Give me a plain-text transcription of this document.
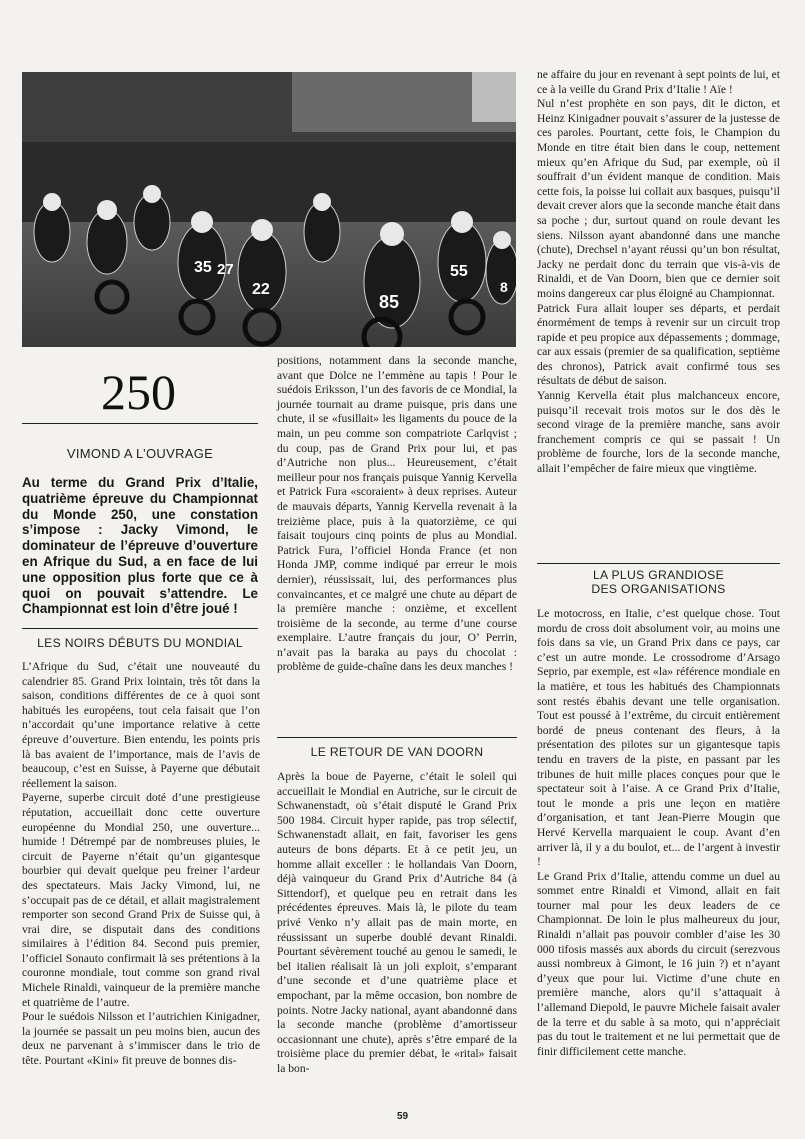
35 27
22
85
55
8
250
VIMOND A L’OUVRAGE
Au terme du Grand Prix d’Italie, quatrième épreuve du Championnat du Monde 250, une constation s’impose : Jacky Vimond, le dominateur de l’épreuve d’ouverture en Afrique du Sud, a en face de lui une opposition plus forte que ce à quoi on pouvait s’attendre. Le Championnat est loin d’être joué !
LES NOIRS DÉBUTS DU MONDIAL

L’Afrique du Sud, c’était une nouveauté du calendrier 85. Grand Prix lointain, très tôt dans la saison, conditions différentes de ce à quoi sont habitués les européens, tout cela faisait que l’on n’accordait qu’une importance relative à cette épreuve d’ouverture. Bien entendu, les points pris là bas avaient de l’importance, mais de l’avis de beaucoup, c’est en Suisse, à Payerne que débutait réellement la saison.

Payerne, superbe circuit doté d’une prestigieuse réputation, accueillait donc cette ouverture européenne du Mondial 250, une ouverture... humide ! Détrempé par de nombreuses pluies, le circuit de Payerne n’était qu’un gigantesque bourbier qui devait quelque peu freiner l’ardeur des spectateurs. Mais Jacky Vimond, lui, ne s’occupait pas de ce détail, et allait magistralement remporter son second Grand Prix de Suisse qui, à vrai dire, se disputait dans des conditions similaires à l’édition 84. Second puis premier, l’officiel Sonauto confirmait là ses prétentions à la couronne mondiale, tout comme son grand rival Michele Rinaldi, vainqueur de la première manche et quatrième de l’autre.

Pour le suédois Nilsson et l’autrichien Kinigadner, la journée se passait un peu moins bien, aucun des deux ne parvenant à s’immiscer dans le trio de tête. Pourtant «Kini» fit preuve de bonnes dis-

positions, notamment dans la seconde manche, avant que Dolce ne l’emmène au tapis ! Pour le suédois Eriksson, l’un des favoris de ce Mondial, la journée tournait au drame puisque, pris dans une chute, il se «fusillait» les ligaments du pouce de la main, un peu comme son compatriote Carlqvist ; du coup, pas de Grand Prix pour lui, et pas d’Autriche non plus... Heureusement, c’était meilleur pour nos français puisque Yannig Kervella et Patrick Fura «scoraient» à deux reprises. Auteur de mauvais départs, Yannig Kervella revenait à la treizième place, puis à la quatorzième, ce qui faisait toujours cinq points de plus au Mondial. Patrick Fura, l’officiel Honda France (et non Honda JMP, comme indiqué par erreur le mois dernier), réussissait, lui, des performances plus convaincantes, et ce malgré une chute au départ de la première manche : onzième, et excellent troisième de la seconde, au terme d’une course exemplaire. L’autre français du jour, O’ Perrin, n’avait pas la baraka au pays du chocolat : problème de guide-chaîne dans les deux manches !

LE RETOUR DE VAN DOORN

Après la boue de Payerne, c’était le soleil qui accueillait le Mondial en Autriche, sur le circuit de Schwanenstadt, où s’était disputé le Grand Prix 500 1984. Circuit hyper rapide, pas trop sélectif, Schwanenstadt allait, en fait, favoriser les gens auteurs de bons départs. Et à ce petit jeu, un homme allait exceller : le hollandais Van Doorn, déjà vainqueur du Grand Prix d’Autriche 84 (à Sittendorf), et quelque peu en retrait dans les précédentes épreuves. Mais là, le pilote du team privé Venko n’y allait pas de main morte, en réussissant un superbe doublé devant Rinaldi. Pourtant sévèrement touché au genou le samedi, le bel italien réalisait là un joli exploit, s’emparant d’une seconde et d’une quatrième place et empochant, par la même occasion, bon nombre de points. Notre Jacky national, ayant abandonné dans la seconde manche (problème d’amortisseur occasionnant une chute), après s’être emparé de la troisième place du premier débat, le «rital» faisait la bon-

ne affaire du jour en revenant à sept points de lui, et ce à la veille du Grand Prix d’Italie ! Aïe !

Nul n’est prophète en son pays, dit le dicton, et Heinz Kinigadner pouvait s’assurer de la justesse de ces paroles. Pourtant, cette fois, le Champion du Monde en titre était bien dans le coup, nettement mieux qu’en Afrique du Sud, par exemple, où il souffrait d’un évident manque de condition. Mais cette fois, la poisse lui collait aux basques, puisqu’il devait crever alors que la seconde manche était dans sa poche ; dur, surtout quand on roule devant les siens. Nilsson ayant abandonné dans une manche (chute), Drechsel n’ayant réussi qu’un bon résultat, Jacky ne perdait donc du terrain que vis-à-vis de Rinaldi, et de Van Doorn, bien que ce dernier soit moins dangereux car plus éloigné au Championnat.

Patrick Fura allait louper ses départs, et perdait énormément de temps à revenir sur un circuit trop rapide et peu propice aux dépassements ; dommage, car aux essais (premier de sa qualification, septième des chronos), Patrick avait confirmé tous ses résultats de début de saison.

Yannig Kervella était plus malchanceux encore, puisqu’il recevait trois motos sur le dos dès le second virage de la première manche, sans avoir franchement compris ce qui se passait ! Un problème de fourche, lors de la seconde manche, allait l’empêcher de faire mieux que vingtième.

LA PLUS GRANDIOSE
DES ORGANISATIONS

Le motocross, en Italie, c’est quelque chose. Tout mordu de cross doit absolument voir, au moins une fois dans sa vie, un Grand Prix dans ce pays, car c’est un autre monde. Le crossodrome d’Arsago Seprio, par exemple, est «la» référence mondiale en la matière, et tous les habitués des Championnats sont restés ébahis devant une telle organisation. Tout est poussé à l’extrême, du circuit entièrement bordé de pneus contenant des fleurs, à la présentation des pilotes sur un gigantesque tapis tendu en travers de la piste, en passant par les tribunes de huit mille places conçues pour que le spectateur soit à l’aise. A ce Grand Prix d’Italie, tout le monde a pris une leçon en matière d’organisation, et tant Jean-Pierre Mougin que Hervé Kervella marquaient le coup. Avant d’en arriver là, il y a du boulot, et... de l’argent à investir !

Le Grand Prix d’Italie, attendu comme un duel au sommet entre Rinaldi et Vimond, allait en fait tourner mal pour les deux leaders de ce Championnat. De loin le plus malheureux du jour, Rinaldi n’allait pas pouvoir combler d’aise les 30 000 tifosis massés aux abords du circuit (serezvous aussi nombreux à Gimont, le 16 juin ?) et n’ayant d’yeux que pour lui. Victime d’une chute en première manche, alors qu’il s’attaquait à l’allemand Diepold, le pauvre Michele faisait avaler de la terre et du sable à sa moto, qui n’appréciait pas du tout le traitement et ne lui permettait que de finir difficilement cette manche.

59
